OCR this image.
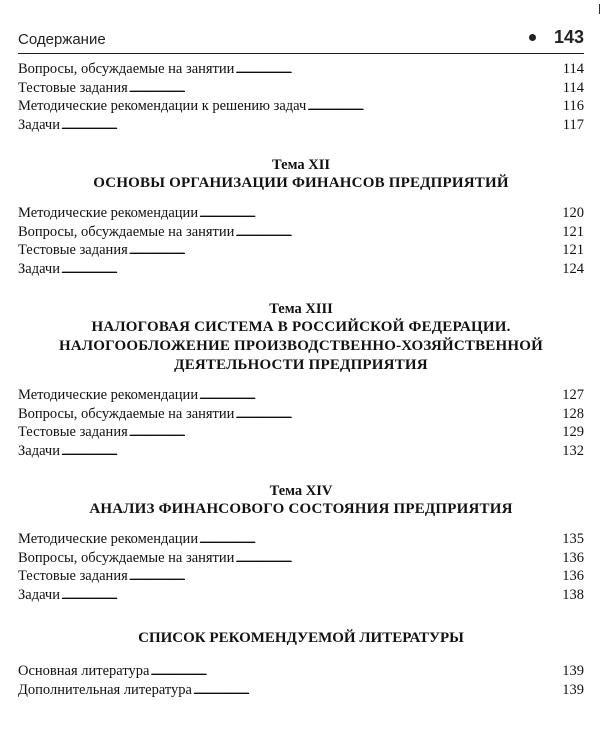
Содержание	143
Вопросы, обсуждаемые на занятии . . .	114
Тестовые задания . . .	114
Методические рекомендации к решению задач . . .	116
Задачи . . .	117
Тема XII
ОСНОВЫ ОРГАНИЗАЦИИ ФИНАНСОВ ПРЕДПРИЯТИЙ
Методические рекомендации . . .	120
Вопросы, обсуждаемые на занятии . . .	121
Тестовые задания . . .	121
Задачи . . .	124
Тема XIII
НАЛОГОВАЯ СИСТЕМА В РОССИЙСКОЙ ФЕДЕРАЦИИ.
НАЛОГООБЛОЖЕНИЕ ПРОИЗВОДСТВЕННО-ХОЗЯЙСТВЕННОЙ
ДЕЯТЕЛЬНОСТИ ПРЕДПРИЯТИЯ
Методические рекомендации . . .	127
Вопросы, обсуждаемые на занятии . . .	128
Тестовые задания . . .	129
Задачи . . .	132
Тема XIV
АНАЛИЗ ФИНАНСОВОГО СОСТОЯНИЯ ПРЕДПРИЯТИЯ
Методические рекомендации . . .	135
Вопросы, обсуждаемые на занятии . . .	136
Тестовые задания . . .	136
Задачи . . .	138
СПИСОК РЕКОМЕНДУЕМОЙ ЛИТЕРАТУРЫ
Основная литература . . .	139
Дополнительная литература . . .	139
